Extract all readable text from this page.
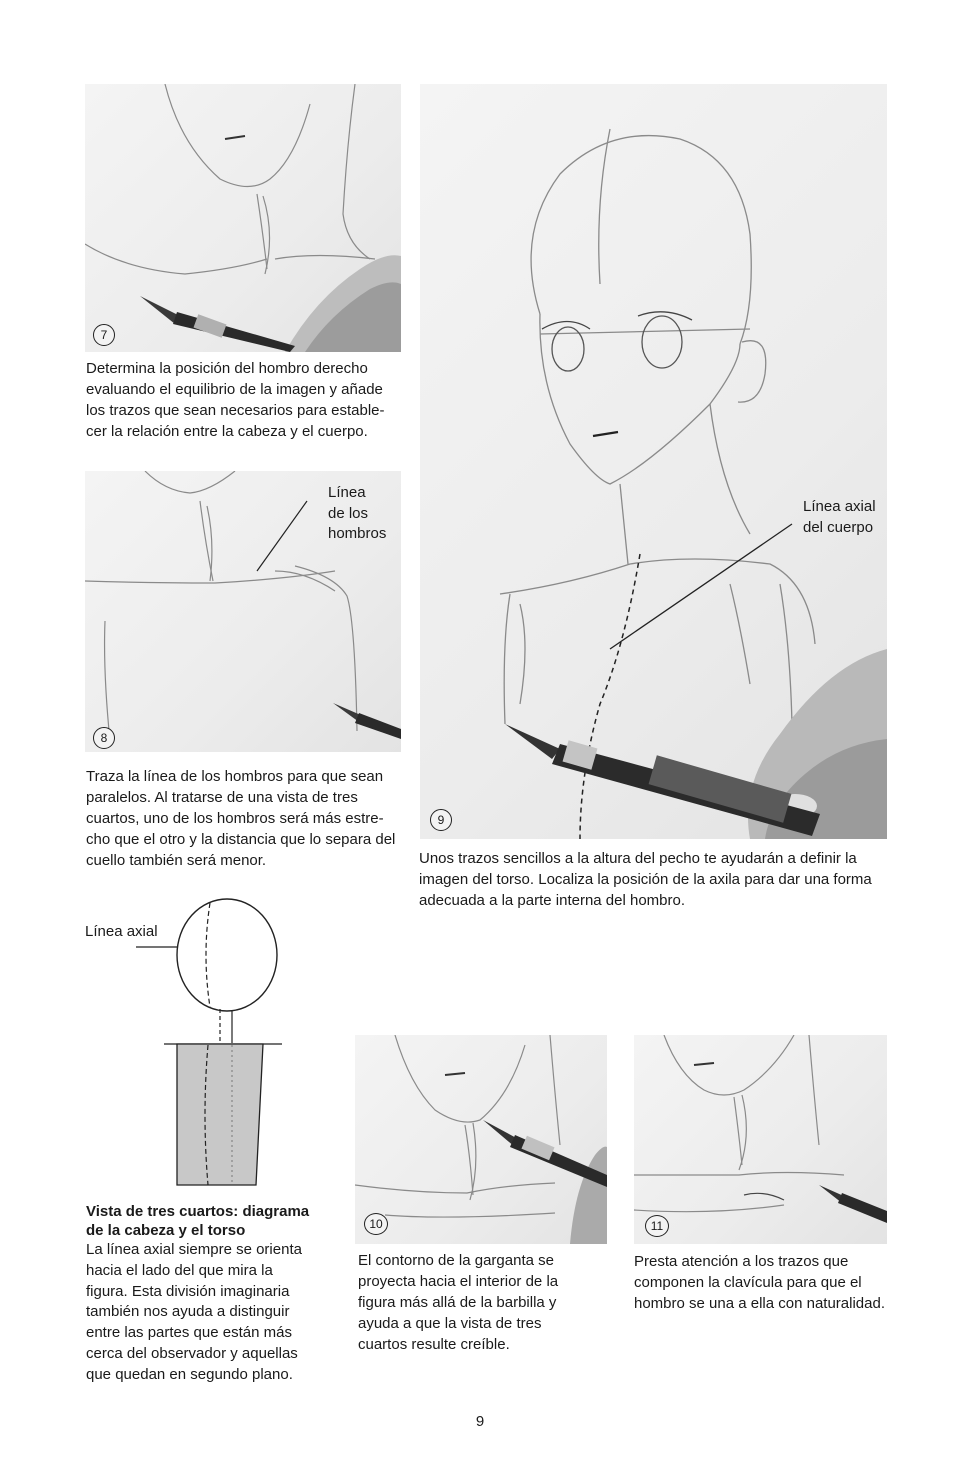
7
Determina la posición del hombro derecho
evaluando el equilibrio de la imagen y añade
los trazos que sean necesarios para estable-
cer la relación entre la cabeza y el cuerpo.
8
Línea
de los
hombros
Traza la línea de los hombros para que sean
paralelos. Al tratarse de una vista de tres
cuartos, uno de los hombros será más estre-
cho que el otro y la distancia que lo separa del
cuello también será menor.
9
Línea axial
del cuerpo
Unos trazos sencillos a la altura del pecho te ayudarán a definir la
imagen del torso. Localiza la posición de la axila para dar una forma
adecuada a la parte interna del hombro.
Línea axial
Vista de tres cuartos: diagrama
de la cabeza y el torso
La línea axial siempre se orienta
hacia el lado del que mira la
figura. Esta división imaginaria
también nos ayuda a distinguir
entre las partes que están más
cerca del observador y aquellas
que quedan en segundo plano.
10
El contorno de la garganta se
proyecta hacia el interior de la
figura más allá de la barbilla y
ayuda a que la vista de tres
cuartos resulte creíble.
11
Presta atención a los trazos que
componen la clavícula para que el
hombro se una a ella con naturalidad.
9
